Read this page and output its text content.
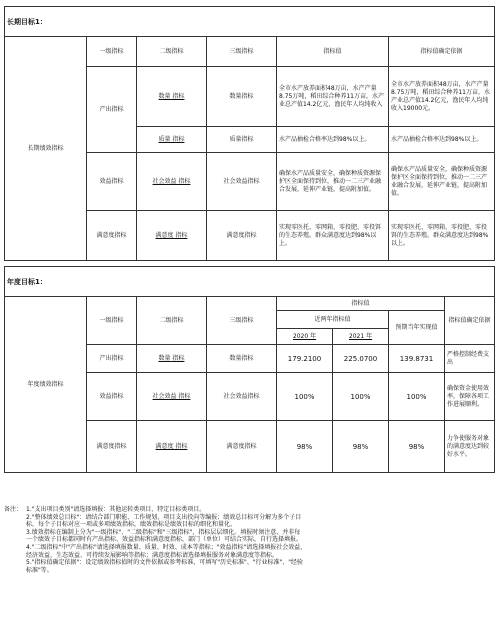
长期目标1：					
长期绩效指标	一级指标	二级指标	三级指标	指标值	指标值确定依据
	产出指标	数量 指标	数量指标	全市水产放养面积48万亩，水产产量8.75万吨，稻田综合种养11万亩，水产业总产值14.2亿元，渔民年人均纯收入	全市水产放养面积48万亩，水产产量8.75万吨，稻田综合种养11万亩，水产业总产值14.2亿元，渔民年人均纯收入19000元。
		质量 指标	质量指标	水产品抽检合格率达到98%以上。	水产品抽检合格率达到98%以上。
	效益指标	社会效益 指标	社会效益指标	确保水产品质量安全，确保种质资源保护区全面保持到位，推动一二三产业融合发展，延伸产业链，提高附加值。	确保水产品质量安全，确保种质资源保护区全面保持到位，推动一二三产业融合发展，延伸产业链，提高附加值。
	满意度指标	满意度 指标	满意度指标	实现零医托、零网箱、零投肥、零投饵的生态养殖。群众满意度达到98%以上。	实现零医托、零网箱、零投肥、零投饵的生态养殖。群众满意度达到98%以上。
年度目标1：							
年度绩效指标	一级指标	二级指标	三级指标	指标值			指标值确定依据
				近两年指标值		预期当年实现值	
				2020 年	2021 年		
	产出指标	数量 指标	数量指标	179.2100	225.0700	139.8731	严格控制经费支出
	效益指标	社会效益 指标	社会效益指标	100%	100%	100%	确保资金使用效率，保障各项工作进展顺利。
	满意度指标	满意度 指标	满意度指标	98%	98%	98%	力争使服务对象的满意度达到较好水平。
备注： 1."支出项目类别"请选择填报：其他运转类项目、特定目标类项目。
2."整体绩效总目标"：请结合部门职能、工作规划、项目支出投向等编报；绩效总目标可分解为多个子目
标，每个子目标对应一项或多项绩效指标，绩效指标是绩效目标的细化和量化。
3.绩效指标在编制上分为"一级指标"、"二级指标"和"三级指标"，指标层层细化。填报时须注意，并非每
一个绩效子目标都同时有产出指标、效益指标和满意度指标，部门（单位）可结合实际，自行选择填报。
4."二级指标"中"产出指标"请选择填报数量、质量、时效、成本等指标；"效益指标"请选择填报社会效益、
经济效益、生态效益、可持续发展影响等指标；满意度指标请选择填报服务对象满意度等指标。
5."指标值确定依据"：设定绩效指标值时的文件依据或参考标准，可填写"历史标准"、"行业标准"、"经验
标准"等。
